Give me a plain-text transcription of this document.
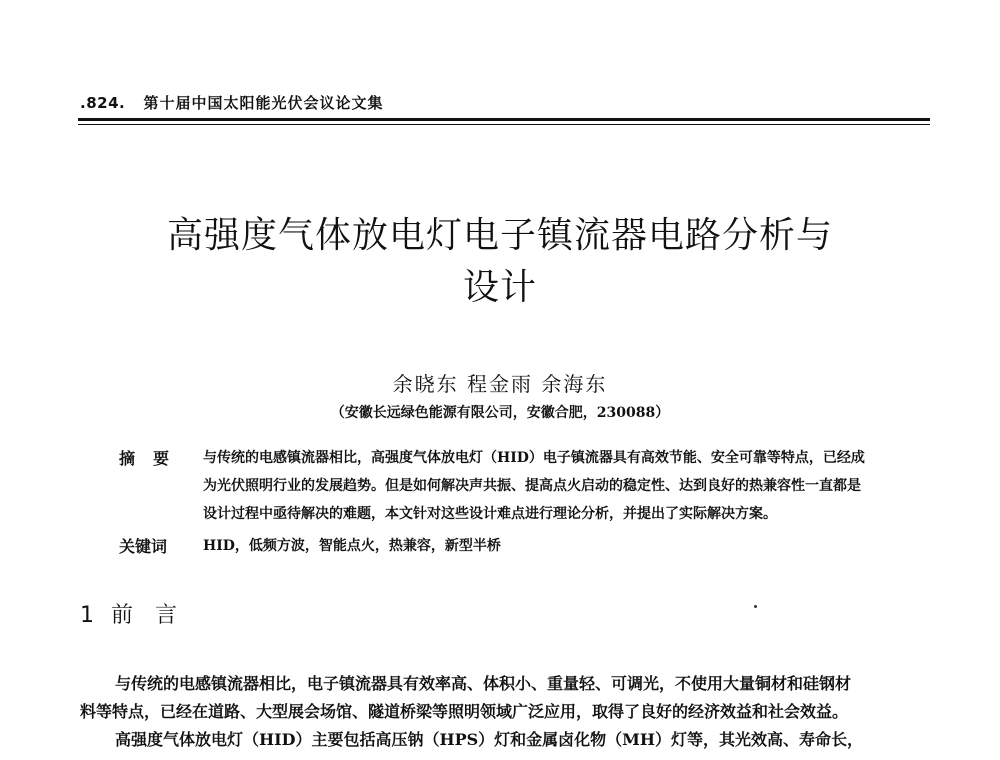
.824. 第十届中国太阳能光伏会议论文集
高强度气体放电灯电子镇流器电路分析与
设计
余晓东 程金雨 余海东
（安徽长远绿色能源有限公司，安徽合肥，230088）
摘要 与传统的电感镇流器相比，高强度气体放电灯（HID）电子镇流器具有高效节能、安全可靠等特点，已经成
为光伏照明行业的发展趋势。但是如何解决声共振、提高点火启动的稳定性、达到良好的热兼容性一直都是
设计过程中亟待解决的难题，本文针对这些设计难点进行理论分析，并提出了实际解决方案。
关键词	HID，低频方波，智能点火，热兼容，新型半桥
1 前言
与传统的电感镇流器相比，电子镇流器具有效率高、体积小、重量轻、可调光，不使用大量铜材和硅钢材
料等特点，已经在道路、大型展会场馆、隧道桥梁等照明领域广泛应用，取得了良好的经济效益和社会效益。
高强度气体放电灯（HID）主要包括高压钠（HPS）灯和金属卤化物（MH）灯等，其光效高、寿命长，
